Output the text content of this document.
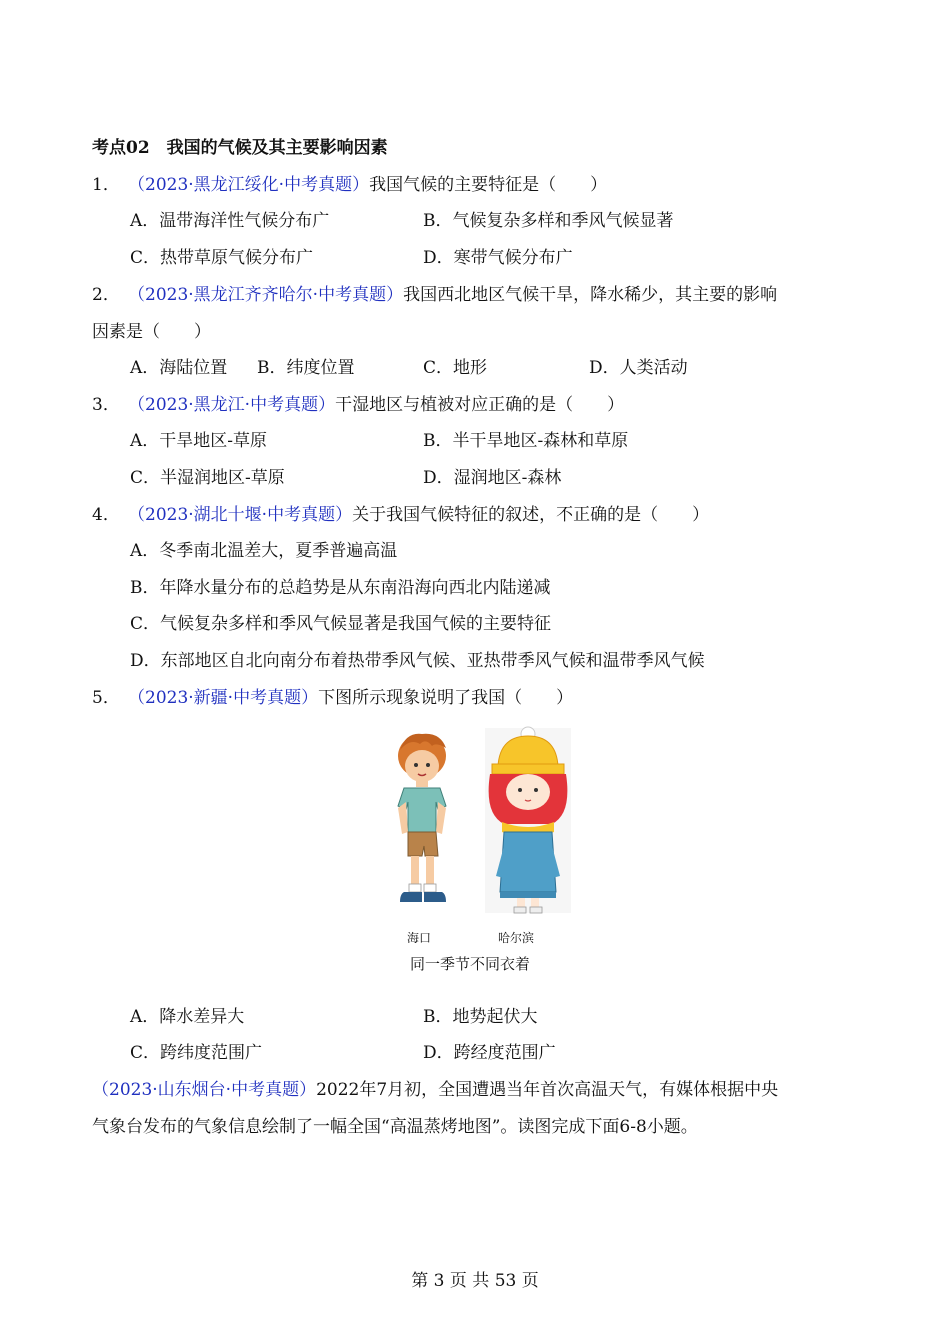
考点02　我国的气候及其主要影响因素
1． （2023·黑龙江绥化·中考真题）我国气候的主要特征是（　　）
A．温带海洋性气候分布广	B．气候复杂多样和季风气候显著
C．热带草原气候分布广	D．寒带气候分布广
2． （2023·黑龙江齐齐哈尔·中考真题）我国西北地区气候干旱，降水稀少，其主要的影响
因素是（　　）
A．海陆位置 B．纬度位置	C．地形	D．人类活动
3． （2023·黑龙江·中考真题）干湿地区与植被对应正确的是（　　）
A．干旱地区-草原	B．半干旱地区-森林和草原
C．半湿润地区-草原	D．湿润地区-森林
4． （2023·湖北十堰·中考真题）关于我国气候特征的叙述，不正确的是（　　）
A．冬季南北温差大，夏季普遍高温
B．年降水量分布的总趋势是从东南沿海向西北内陆递减
C．气候复杂多样和季风气候显著是我国气候的主要特征
D．东部地区自北向南分布着热带季风气候、亚热带季风气候和温带季风气候
5． （2023·新疆·中考真题）下图所示现象说明了我国（　　）
海口	哈尔滨
同一季节不同衣着
A．降水差异大	B．地势起伏大
C．跨纬度范围广	D．跨经度范围广
（2023·山东烟台·中考真题）2022年7月初，全国遭遇当年首次高温天气，有媒体根据中央
气象台发布的气象信息绘制了一幅全国“高温蒸烤地图”。读图完成下面6-8小题。
第 3 页 共 53 页
